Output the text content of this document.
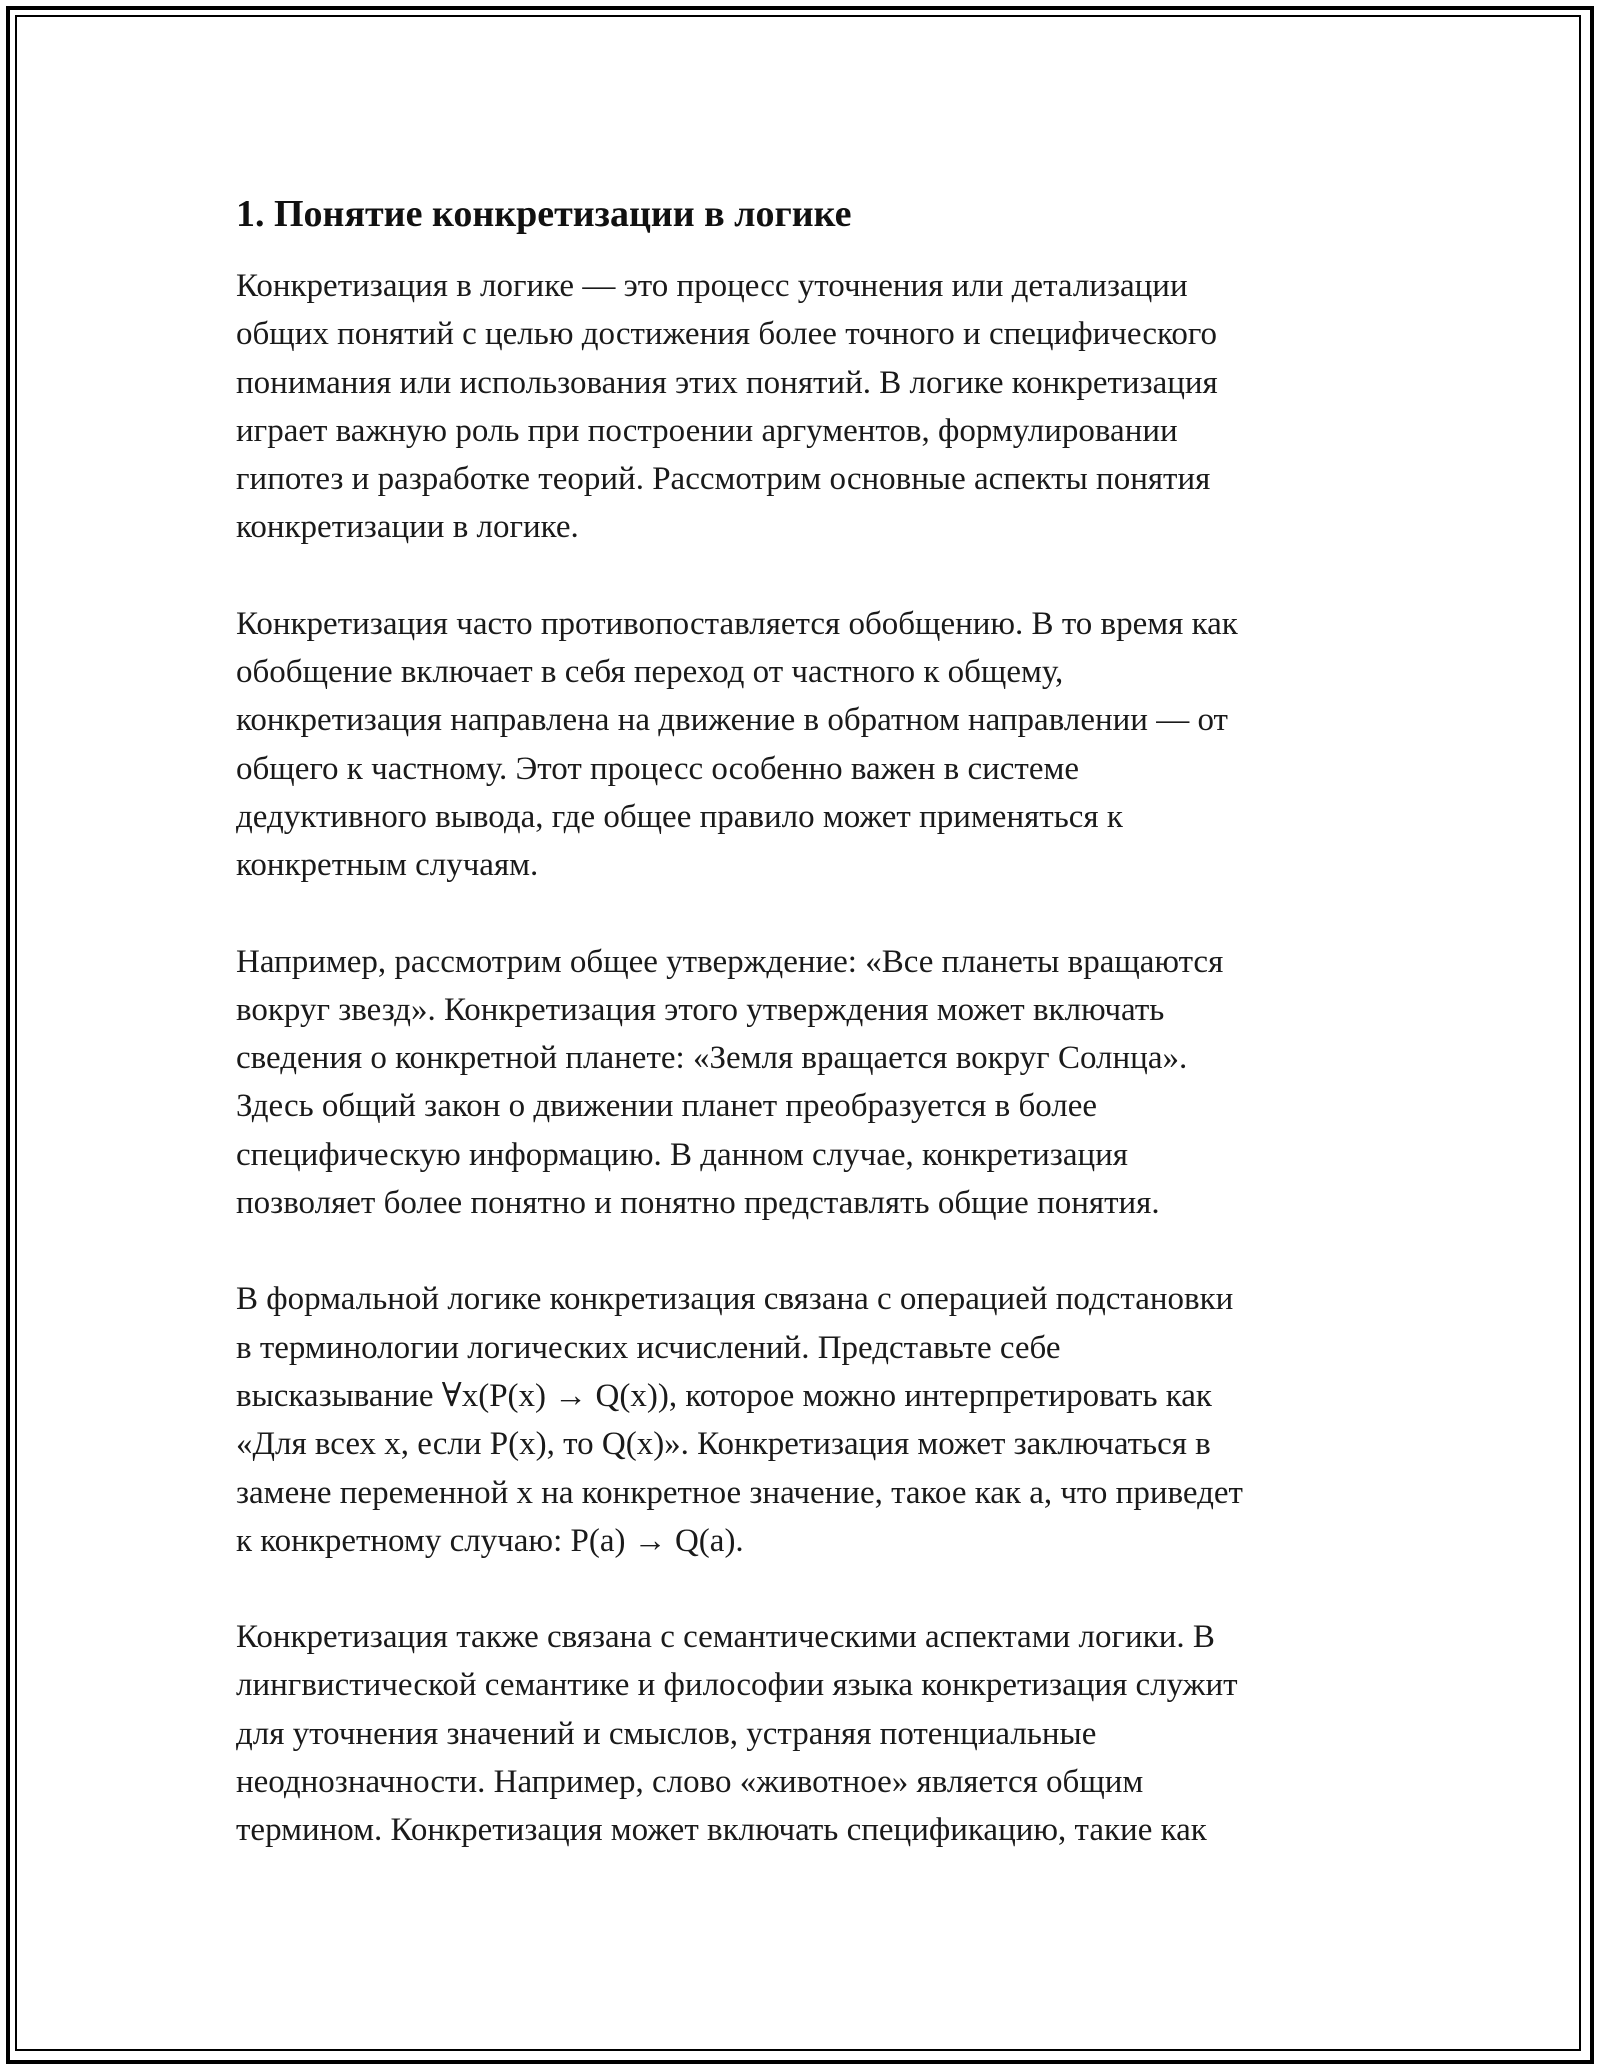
1. Понятие конкретизации в логике
Конкретизация в логике — это процесс уточнения или детализации
общих понятий с целью достижения более точного и специфического
понимания или использования этих понятий. В логике конкретизация
играет важную роль при построении аргументов, формулировании
гипотез и разработке теорий. Рассмотрим основные аспекты понятия
конкретизации в логике.
Конкретизация часто противопоставляется обобщению. В то время как
обобщение включает в себя переход от частного к общему,
конкретизация направлена на движение в обратном направлении — от
общего к частному. Этот процесс особенно важен в системе
дедуктивного вывода, где общее правило может применяться к
конкретным случаям.
Например, рассмотрим общее утверждение: «Все планеты вращаются
вокруг звезд». Конкретизация этого утверждения может включать
сведения о конкретной планете: «Земля вращается вокруг Солнца».
Здесь общий закон о движении планет преобразуется в более
специфическую информацию. В данном случае, конкретизация
позволяет более понятно и понятно представлять общие понятия.
В формальной логике конкретизация связана с операцией подстановки
в терминологии логических исчислений. Представьте себе
высказывание ∀x(P(x) → Q(x)), которое можно интерпретировать как
«Для всех x, если P(x), то Q(x)». Конкретизация может заключаться в
замене переменной x на конкретное значение, такое как a, что приведет
к конкретному случаю: P(a) → Q(a).
Конкретизация также связана с семантическими аспектами логики. В
лингвистической семантике и философии языка конкретизация служит
для уточнения значений и смыслов, устраняя потенциальные
неоднозначности. Например, слово «животное» является общим
термином. Конкретизация может включать спецификацию, такие как
